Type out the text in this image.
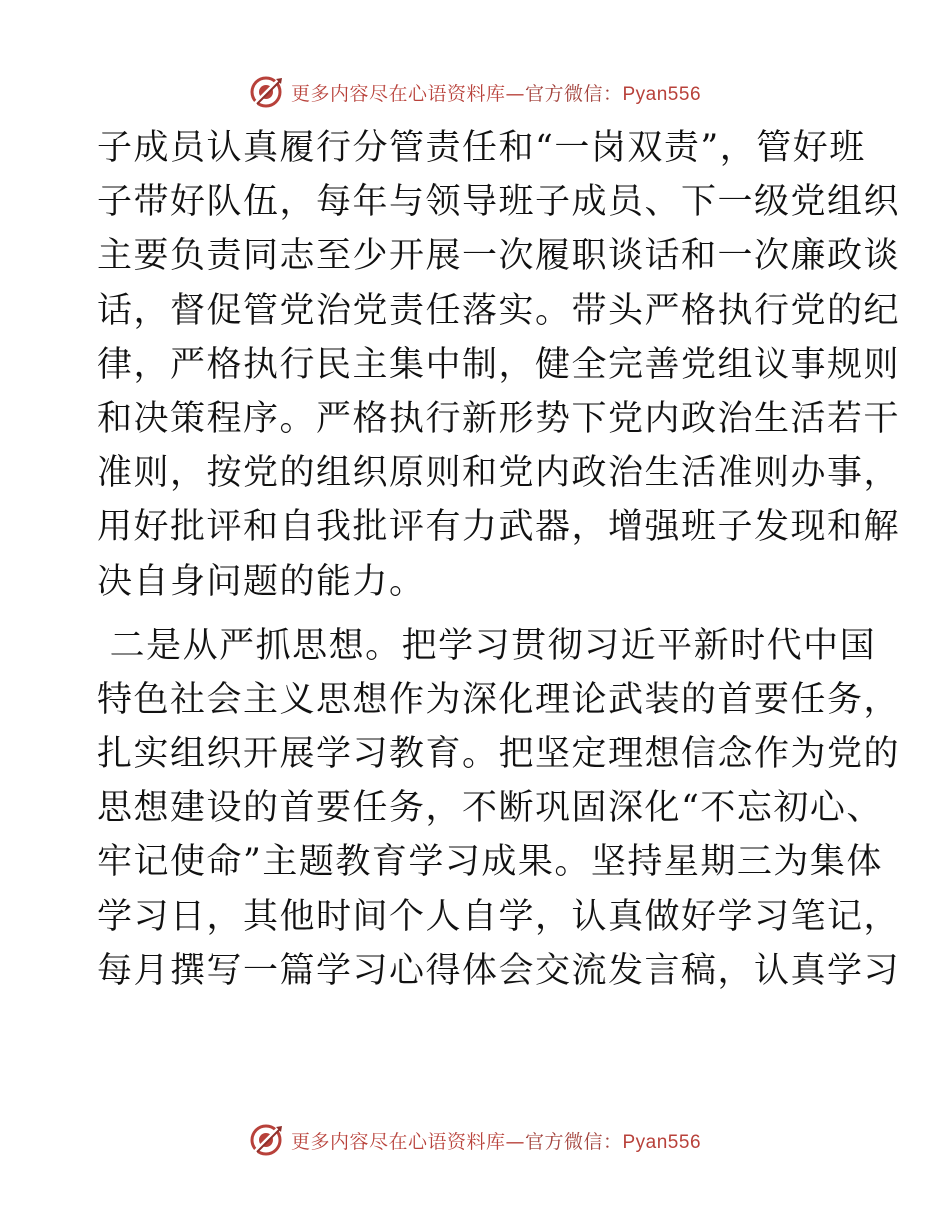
更多内容尽在心语资料库—官方微信：Pyan556
子成员认真履行分管责任和“一岗双责”，管好班
子带好队伍，每年与领导班子成员、下一级党组织
主要负责同志至少开展一次履职谈话和一次廉政谈
话，督促管党治党责任落实。带头严格执行党的纪
律，严格执行民主集中制，健全完善党组议事规则
和决策程序。严格执行新形势下党内政治生活若干
准则，按党的组织原则和党内政治生活准则办事，
用好批评和自我批评有力武器，增强班子发现和解
决自身问题的能力。
二是从严抓思想。把学习贯彻习近平新时代中国
特色社会主义思想作为深化理论武装的首要任务，
扎实组织开展学习教育。把坚定理想信念作为党的
思想建设的首要任务，不断巩固深化“不忘初心、
牢记使命”主题教育学习成果。坚持星期三为集体
学习日，其他时间个人自学，认真做好学习笔记，
每月撰写一篇学习心得体会交流发言稿，认真学习
更多内容尽在心语资料库—官方微信：Pyan556
